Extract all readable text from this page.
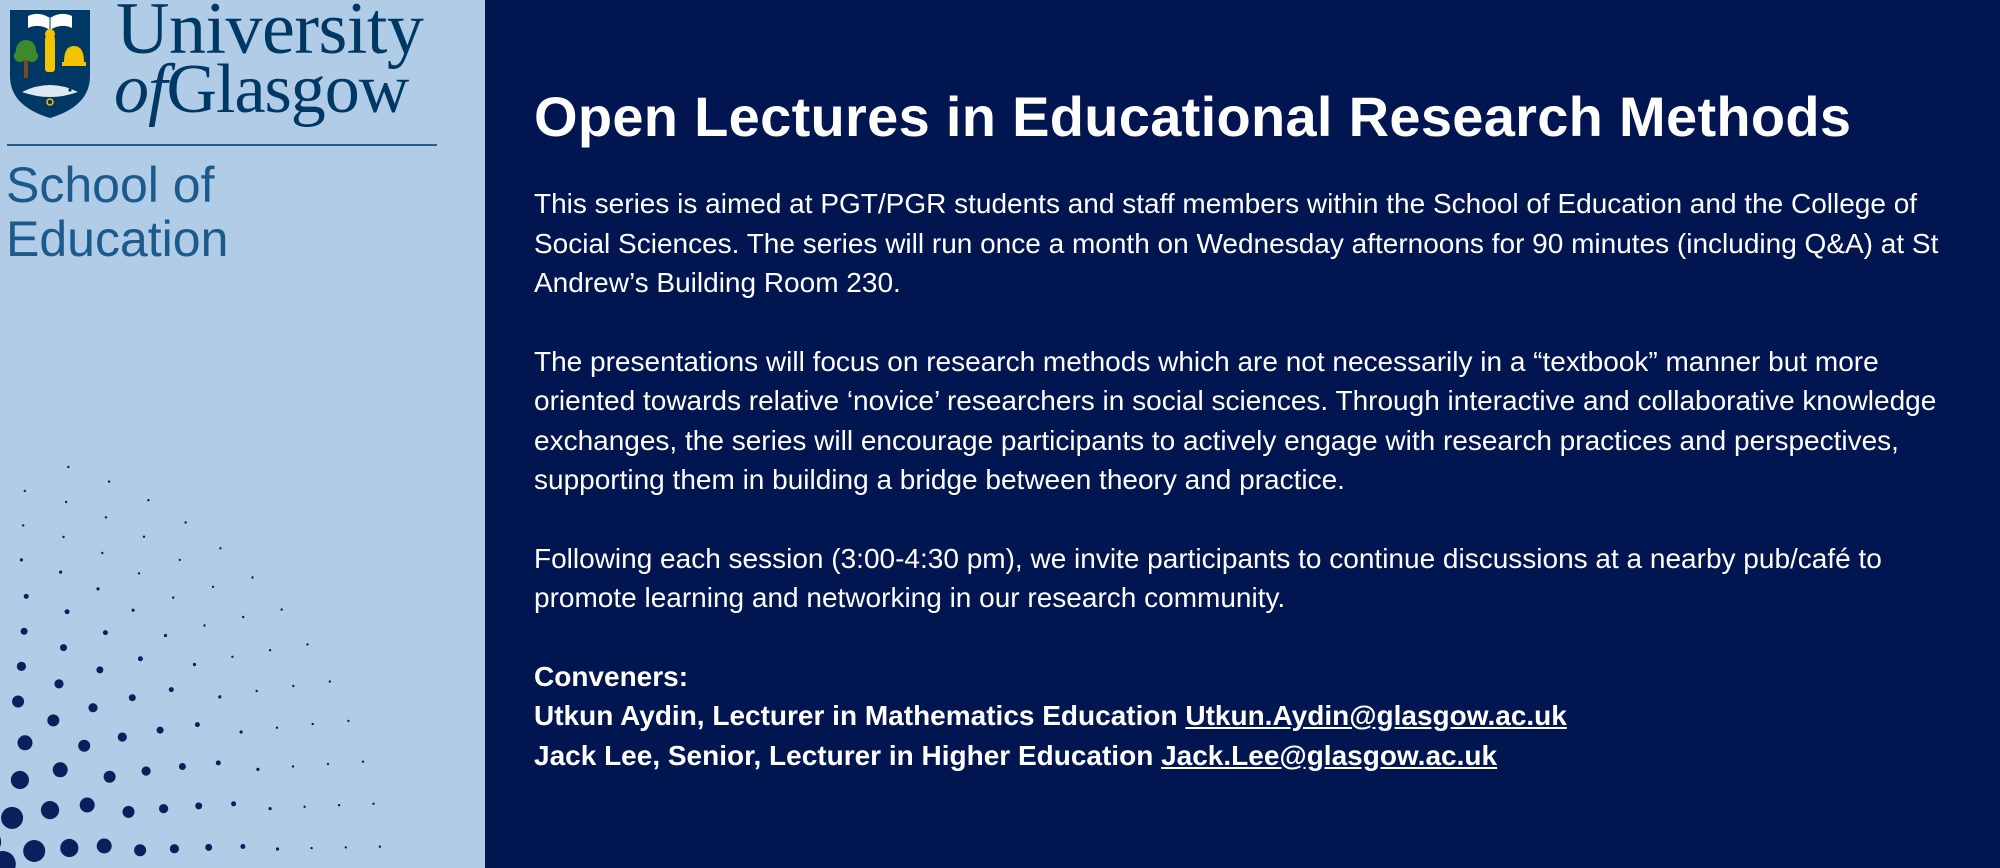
University
ofGlasgow
School of
Education
Open Lectures in Educational Research Methods

This series is aimed at PGT/PGR students and staff members within the School of Education and the College of Social Sciences. The series will run once a month on Wednesday afternoons for 90 minutes (including Q&A) at St Andrew’s Building Room 230.

The presentations will focus on research methods which are not necessarily in a “textbook” manner but more oriented towards relative ‘novice’ researchers in social sciences. Through interactive and collaborative knowledge exchanges, the series will encourage participants to actively engage with research practices and perspectives, supporting them in building a bridge between theory and practice.

Following each session (3:00-4:30 pm), we invite participants to continue discussions at a nearby pub/café to promote learning and networking in our research community.

Conveners:
Utkun Aydin, Lecturer in Mathematics Education Utkun.Aydin@glasgow.ac.uk
Jack Lee, Senior, Lecturer in Higher Education Jack.Lee@glasgow.ac.uk
